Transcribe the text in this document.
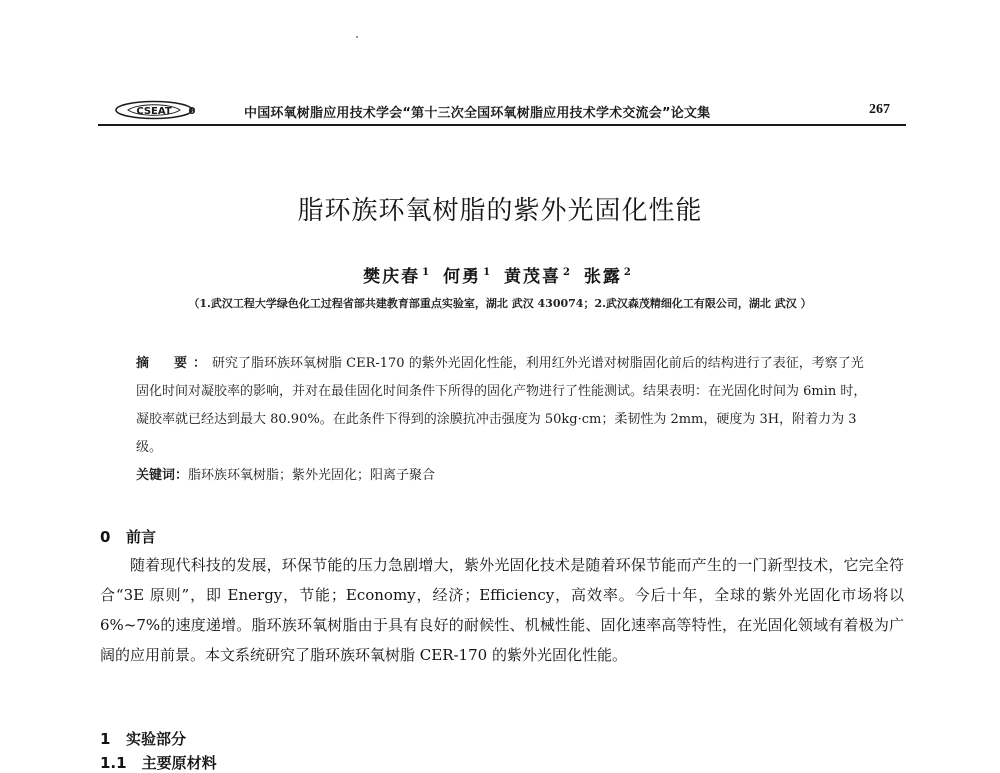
CSEAT 0	中国环氧树脂应用技术学会“第十三次全国环氧树脂应用技术学术交流会”论文集	267
脂环族环氧树脂的紫外光固化性能
樊庆春 $^1$ 何勇 $^1$ 黄茂喜 $^2$ 张露 $^2$
（1.武汉工程大学绿色化工过程省部共建教育部重点实验室，湖北 武汉 430074；2.武汉森茂精细化工有限公司，湖北 武汉 ）

摘　要：研究了脂环族环氧树脂 CER-170 的紫外光固化性能，利用红外光谱对树脂固化前后的结构进行了表征，考察了光固化时间对凝胶率的影响，并对在最佳固化时间条件下所得的固化产物进行了性能测试。结果表明：在光固化时间为 6min 时，凝胶率就已经达到最大 80.90%。在此条件下得到的涂膜抗冲击强度为 50kg·cm；柔韧性为 2mm，硬度为 3H，附着力为 3 级。

关键词：脂环族环氧树脂；紫外光固化；阳离子聚合

0 前言

随着现代科技的发展，环保节能的压力急剧增大，紫外光固化技术是随着环保节能而产生的一门新型技术，它完全符合“3E 原则”，即 Energy，节能；Economy，经济；Efficiency，高效率。今后十年，全球的紫外光固化市场将以 6%~7%的速度递增。脂环族环氧树脂由于具有良好的耐候性、机械性能、固化速率高等特性，在光固化领域有着极为广阔的应用前景。本文系统研究了脂环族环氧树脂 CER-170 的紫外光固化性能。

1 实验部分
1.1　主要原材料
